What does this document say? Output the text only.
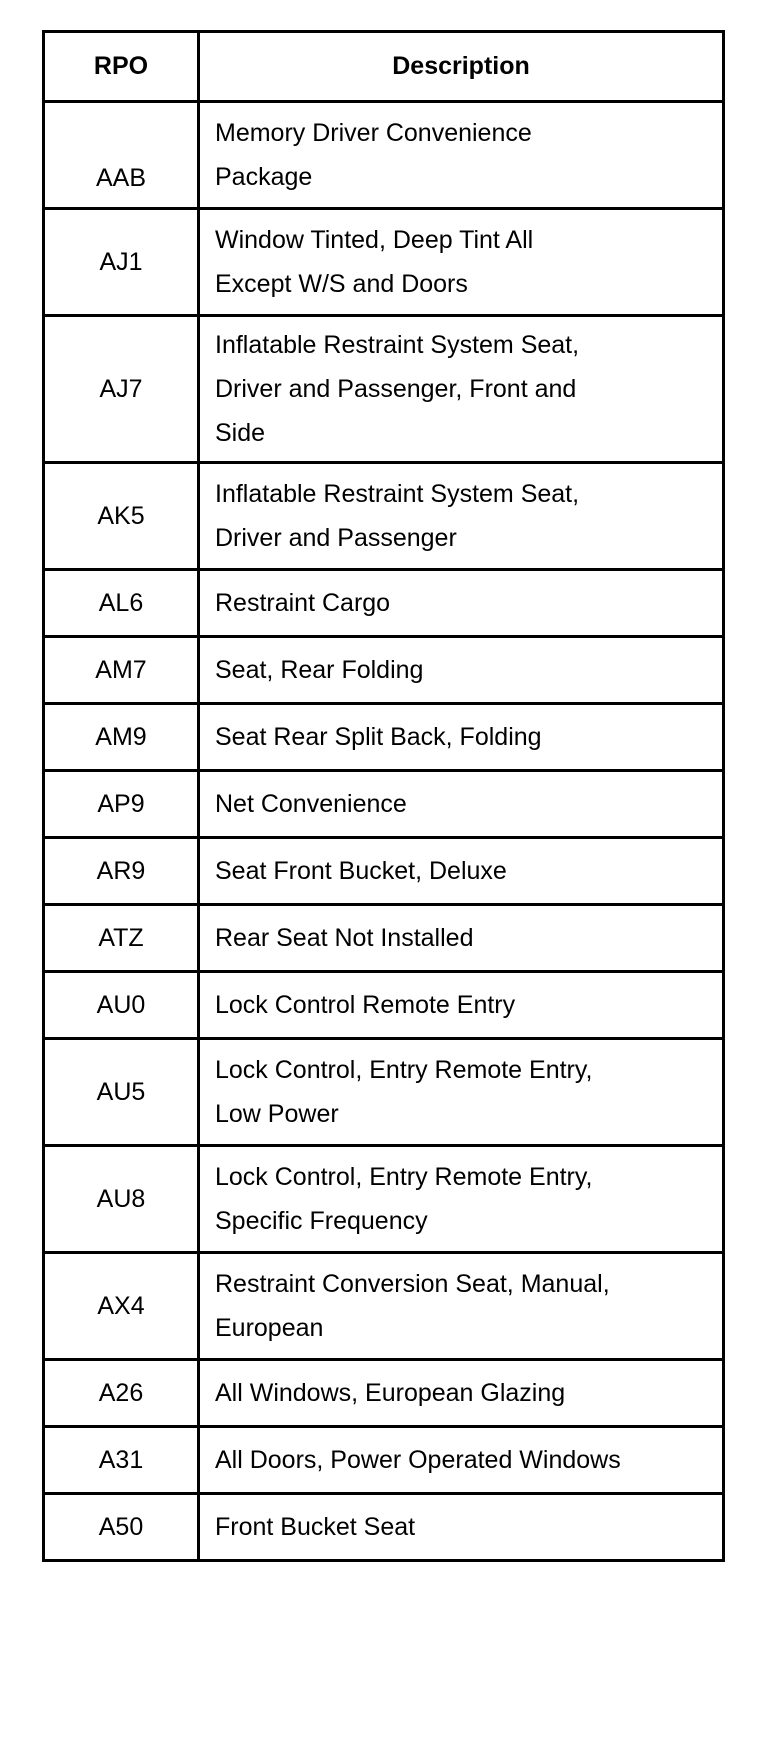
RPO	Description
AAB	Memory Driver Convenience
Package

AJ1	Window Tinted, Deep Tint All
Except W/S and Doors

AJ7	Inflatable Restraint System Seat,
Driver and Passenger, Front and
Side

AK5	Inflatable Restraint System Seat,
Driver and Passenger

AL6	Restraint Cargo

AM7	Seat, Rear Folding

AM9	Seat Rear Split Back, Folding

AP9	Net Convenience

AR9	Seat Front Bucket, Deluxe

ATZ	Rear Seat Not Installed

AU0	Lock Control Remote Entry

AU5	Lock Control, Entry Remote Entry,
Low Power

AU8	Lock Control, Entry Remote Entry,
Specific Frequency

AX4	Restraint Conversion Seat, Manual,
European

A26	All Windows, European Glazing

A31	All Doors, Power Operated Windows

A50	Front Bucket Seat
